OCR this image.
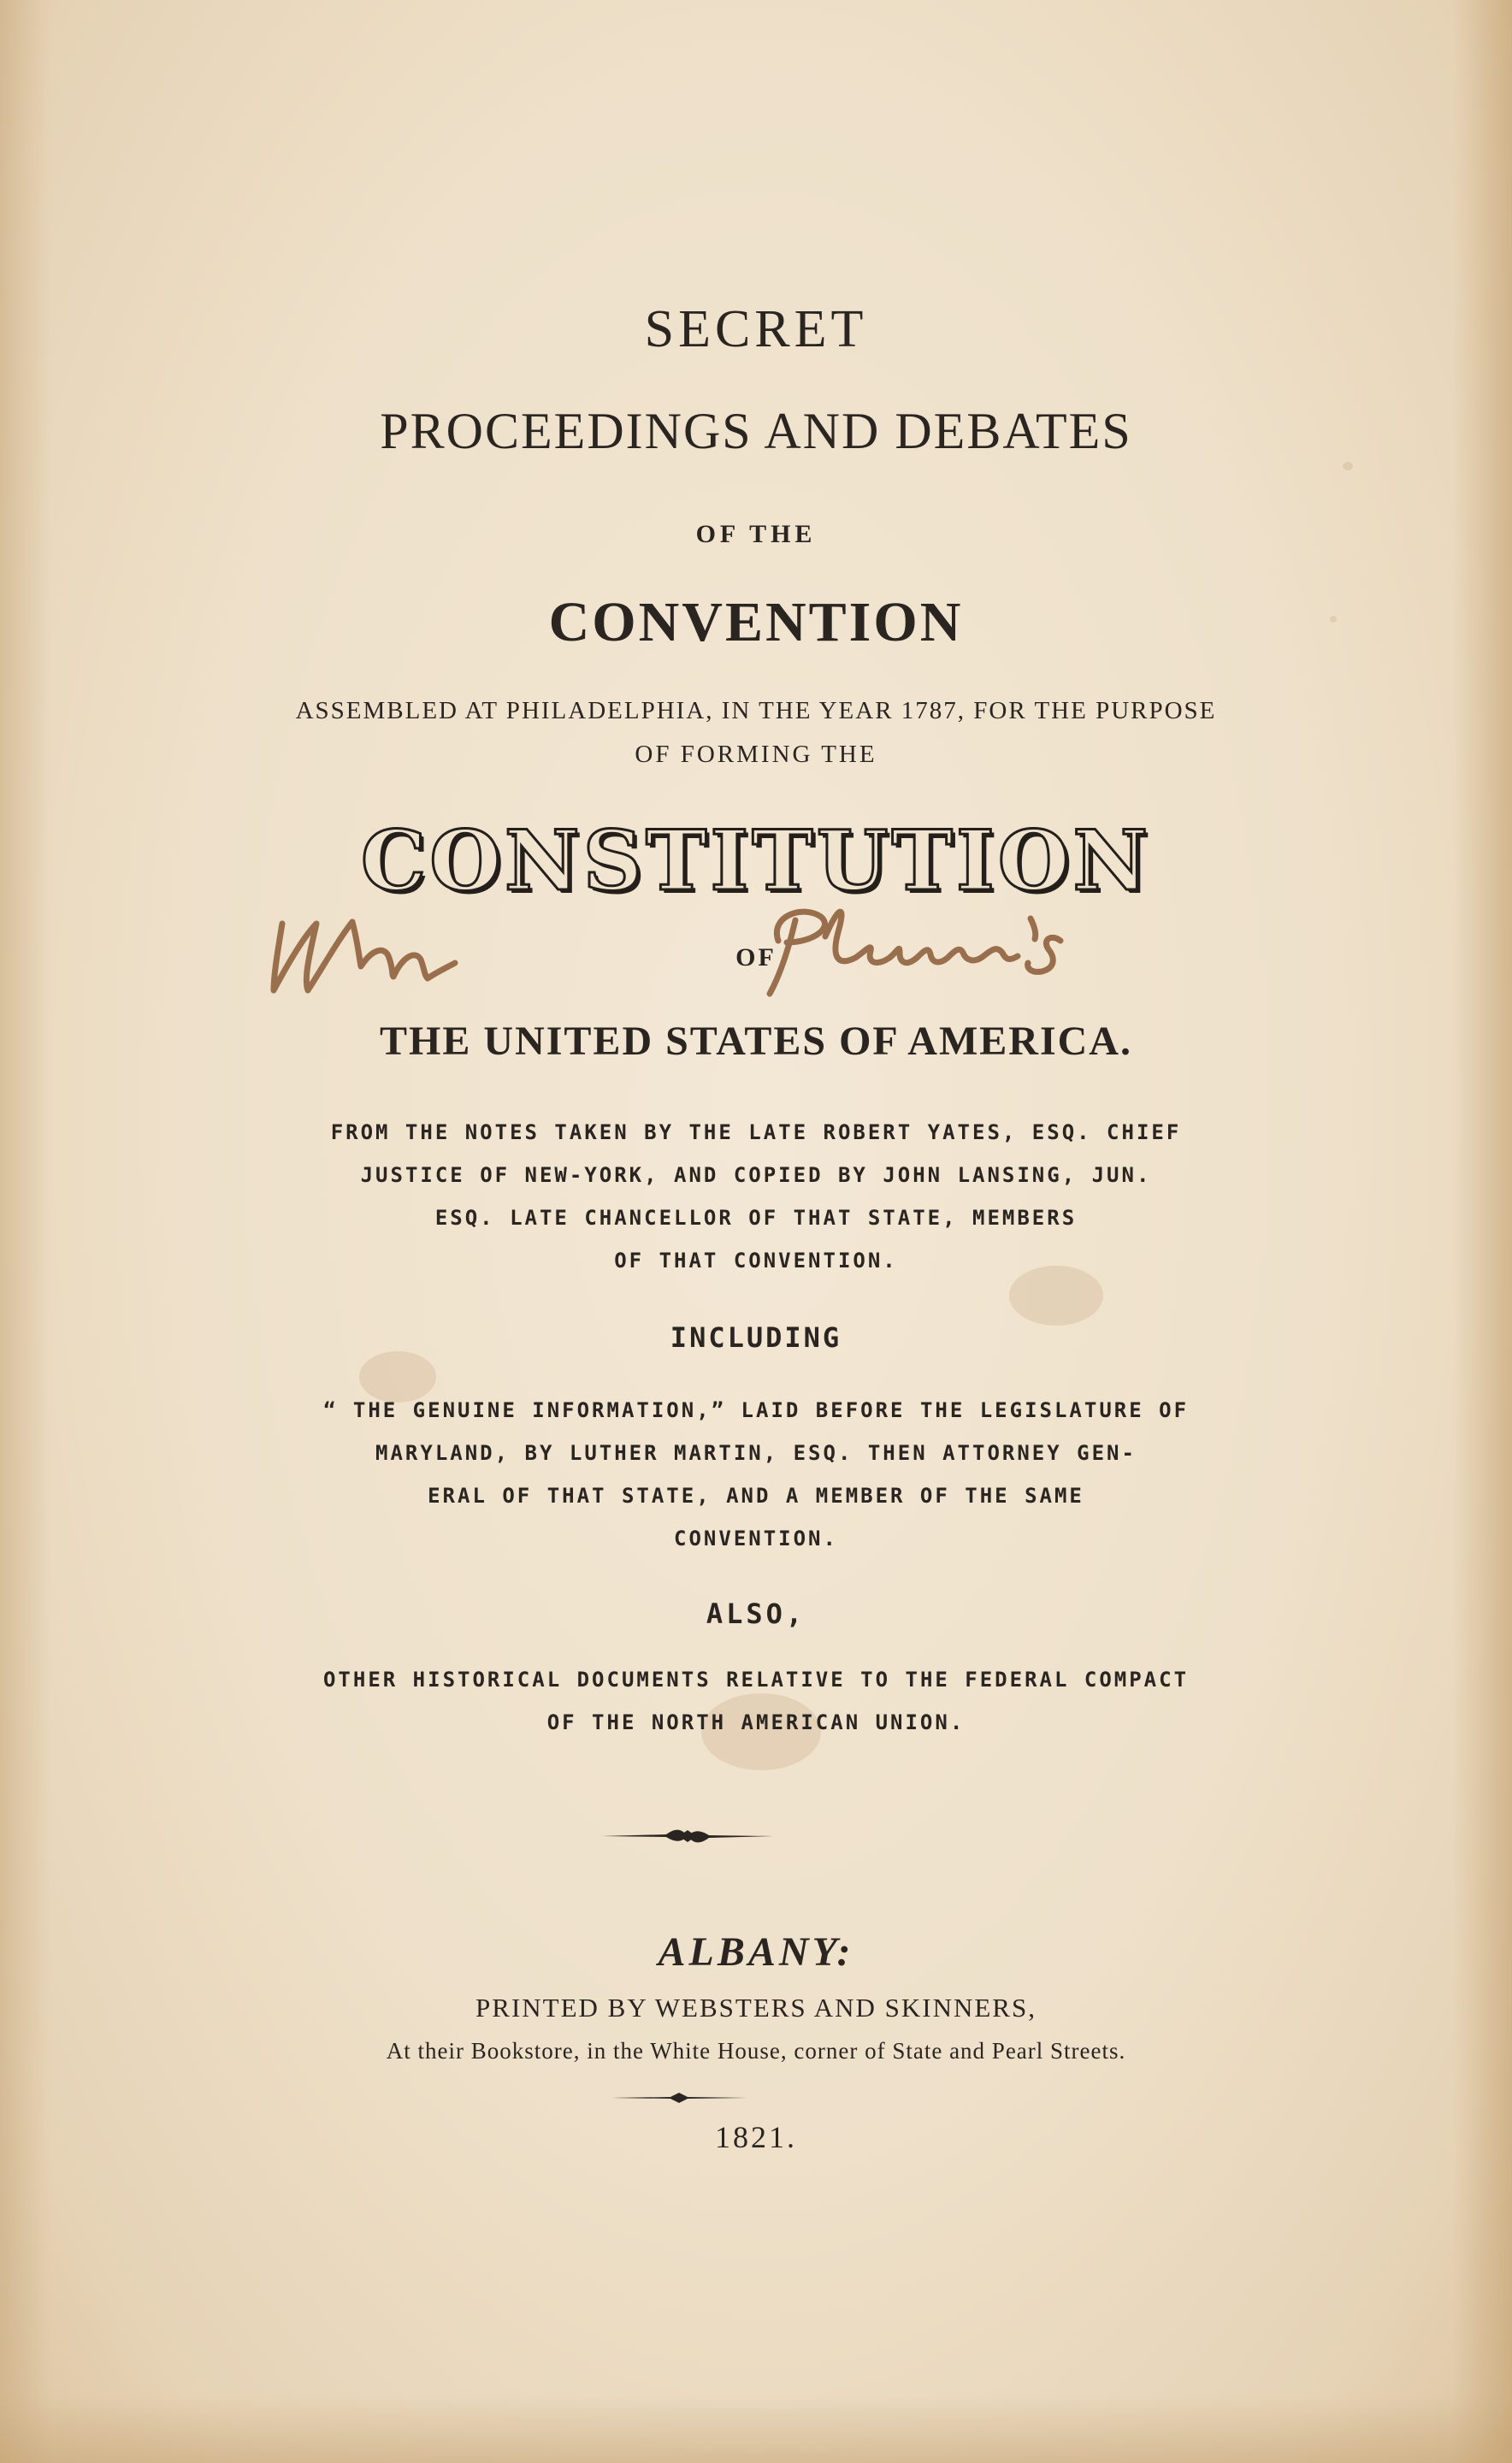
SECRET
PROCEEDINGS AND DEBATES
OF THE
CONVENTION
ASSEMBLED AT PHILADELPHIA, IN THE YEAR 1787, FOR THE PURPOSE
OF FORMING THE
CONSTITUTION
OF
THE UNITED STATES OF AMERICA.
FROM THE NOTES TAKEN BY THE LATE ROBERT YATES, ESQ. CHIEF
JUSTICE OF NEW-YORK, AND COPIED BY JOHN LANSING, JUN.
ESQ. LATE CHANCELLOR OF THAT STATE, MEMBERS
OF THAT CONVENTION.
INCLUDING
“ THE GENUINE INFORMATION,” LAID BEFORE THE LEGISLATURE OF
MARYLAND, BY LUTHER MARTIN, ESQ. THEN ATTORNEY GEN-
ERAL OF THAT STATE, AND A MEMBER OF THE SAME
CONVENTION.
ALSO,
OTHER HISTORICAL DOCUMENTS RELATIVE TO THE FEDERAL COMPACT
OF THE NORTH AMERICAN UNION.
ALBANY:
PRINTED BY WEBSTERS AND SKINNERS,
At their Bookstore, in the White House, corner of State and Pearl Streets.
1821.
